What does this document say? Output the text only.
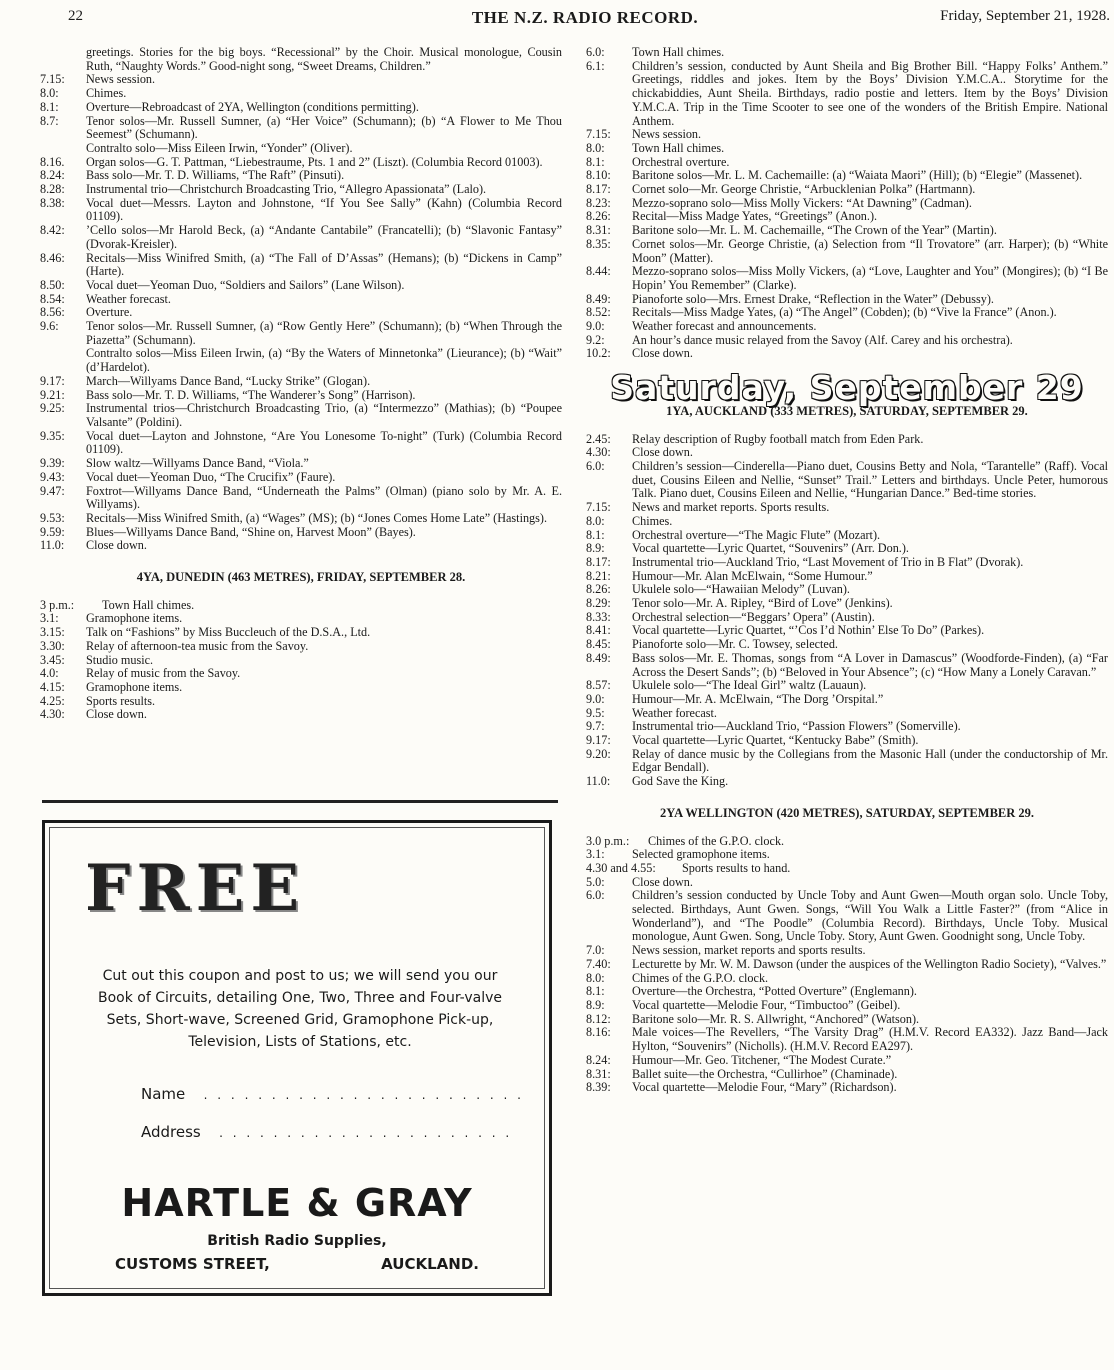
22	THE N.Z. RADIO RECORD.	Friday, September 21, 1928.
greetings. Stories for the big boys. “Recessional” by the Choir. Musical monologue, Cousin Ruth, “Naughty Words.” Good-night song, “Sweet Dreams, Children.”
7.15:	News session.
8.0:	Chimes.
8.1:	Overture—Rebroadcast of 2YA, Wellington (conditions permitting).
8.7:	Tenor solos—Mr. Russell Sumner, (a) “Her Voice” (Schumann); (b) “A Flower to Me Thou Seemest” (Schumann).
Contralto solo—Miss Eileen Irwin, “Yonder” (Oliver).
8.16.	Organ solos—G. T. Pattman, “Liebestraume, Pts. 1 and 2” (Liszt). (Columbia Record 01003).
8.24:	Bass solo—Mr. T. D. Williams, “The Raft” (Pinsuti).
8.28:	Instrumental trio—Christchurch Broadcasting Trio, “Allegro Apassionata” (Lalo).
8.38:	Vocal duet—Messrs. Layton and Johnstone, “If You See Sally” (Kahn) (Columbia Record 01109).
8.42:	’Cello solos—Mr Harold Beck, (a) “Andante Cantabile” (Francatelli); (b) “Slavonic Fantasy” (Dvorak-Kreisler).
8.46:	Recitals—Miss Winifred Smith, (a) “The Fall of D’Assas” (Hemans); (b) “Dickens in Camp” (Harte).
8.50:	Vocal duet—Yeoman Duo, “Soldiers and Sailors” (Lane Wilson).
8.54:	Weather forecast.
8.56:	Overture.
9.6:	Tenor solos—Mr. Russell Sumner, (a) “Row Gently Here” (Schumann); (b) “When Through the Piazetta” (Schumann).
Contralto solos—Miss Eileen Irwin, (a) “By the Waters of Minnetonka” (Lieurance); (b) “Wait” (d’Hardelot).
9.17:	March—Willyams Dance Band, “Lucky Strike” (Glogan).
9.21:	Bass solo—Mr. T. D. Williams, “The Wanderer’s Song” (Harrison).
9.25:	Instrumental trios—Christchurch Broadcasting Trio, (a) “Intermezzo” (Mathias); (b) “Poupee Valsante” (Poldini).
9.35:	Vocal duet—Layton and Johnstone, “Are You Lonesome To-night” (Turk) (Columbia Record 01109).
9.39:	Slow waltz—Willyams Dance Band, “Viola.”
9.43:	Vocal duet—Yeoman Duo, “The Crucifix” (Faure).
9.47:	Foxtrot—Willyams Dance Band, “Underneath the Palms” (Olman) (piano solo by Mr. A. E. Willyams).
9.53:	Recitals—Miss Winifred Smith, (a) “Wages” (MS); (b) “Jones Comes Home Late” (Hastings).
9.59:	Blues—Willyams Dance Band, “Shine on, Harvest Moon” (Bayes).
11.0:	Close down.
4YA, DUNEDIN (463 METRES), FRIDAY, SEPTEMBER 28.
3 p.m.:	Town Hall chimes.
3.1:	Gramophone items.
3.15:	Talk on “Fashions” by Miss Buccleuch of the D.S.A., Ltd.
3.30:	Relay of afternoon-tea music from the Savoy.
3.45:	Studio music.
4.0:	Relay of music from the Savoy.
4.15:	Gramophone items.
4.25:	Sports results.
4.30:	Close down.
FREE
Cut out this coupon and post to us; we will send you our Book of Circuits, detailing One, Two, Three and Four-valve Sets, Short-wave, Screened Grid, Gramophone Pick-up, Television, Lists of Stations, etc.
Name   . . . . . . . . . . . . . . . . . . . . . . . .
Address   . . . . . . . . . . . . . . . . . . . . . .
HARTLE & GRAY
British Radio Supplies,
CUSTOMS STREET,	AUCKLAND.
6.0:	Town Hall chimes.
6.1:	Children’s session, conducted by Aunt Sheila and Big Brother Bill. “Happy Folks’ Anthem.” Greetings, riddles and jokes. Item by the Boys’ Division Y.M.C.A.. Storytime for the chickabiddies, Aunt Sheila. Birthdays, radio postie and letters. Item by the Boys’ Division Y.M.C.A. Trip in the Time Scooter to see one of the wonders of the British Empire. National Anthem.
7.15:	News session.
8.0:	Town Hall chimes.
8.1:	Orchestral overture.
8.10:	Baritone solos—Mr. L. M. Cachemaille: (a) “Waiata Maori” (Hill); (b) “Elegie” (Massenet).
8.17:	Cornet solo—Mr. George Christie, “Arbucklenian Polka” (Hartmann).
8.23:	Mezzo-soprano solo—Miss Molly Vickers: “At Dawning” (Cadman).
8.26:	Recital—Miss Madge Yates, “Greetings” (Anon.).
8.31:	Baritone solo—Mr. L. M. Cachemaille, “The Crown of the Year” (Martin).
8.35:	Cornet solos—Mr. George Christie, (a) Selection from “Il Trovatore” (arr. Harper); (b) “White Moon” (Matter).
8.44:	Mezzo-soprano solos—Miss Molly Vickers, (a) “Love, Laughter and You” (Mongires); (b) “I Be Hopin’ You Remember” (Clarke).
8.49:	Pianoforte solo—Mrs. Ernest Drake, “Reflection in the Water” (Debussy).
8.52:	Recitals—Miss Madge Yates, (a) “The Angel” (Cobden); (b) “Vive la France” (Anon.).
9.0:	Weather forecast and announcements.
9.2:	An hour’s dance music relayed from the Savoy (Alf. Carey and his orchestra).
10.2:	Close down.
Saturday, September 29
1YA, AUCKLAND (333 METRES), SATURDAY, SEPTEMBER 29.
2.45:	Relay description of Rugby football match from Eden Park.
4.30:	Close down.
6.0:	Children’s session—Cinderella—Piano duet, Cousins Betty and Nola, “Tarantelle” (Raff). Vocal duet, Cousins Eileen and Nellie, “Sunset” Trail.” Letters and birthdays. Uncle Peter, humorous Talk. Piano duet, Cousins Eileen and Nellie, “Hungarian Dance.” Bed-time stories.
7.15:	News and market reports. Sports results.
8.0:	Chimes.
8.1:	Orchestral overture—“The Magic Flute” (Mozart).
8.9:	Vocal quartette—Lyric Quartet, “Souvenirs” (Arr. Don.).
8.17:	Instrumental trio—Auckland Trio, “Last Movement of Trio in B Flat” (Dvorak).
8.21:	Humour—Mr. Alan McElwain, “Some Humour.”
8.26:	Ukulele solo—“Hawaiian Melody” (Luvan).
8.29:	Tenor solo—Mr. A. Ripley, “Bird of Love” (Jenkins).
8.33:	Orchestral selection—“Beggars’ Opera” (Austin).
8.41:	Vocal quartette—Lyric Quartet, “’Cos I’d Nothin’ Else To Do” (Parkes).
8.45:	Pianoforte solo—Mr. C. Towsey, selected.
8.49:	Bass solos—Mr. E. Thomas, songs from “A Lover in Damascus” (Woodforde-Finden), (a) “Far Across the Desert Sands”; (b) “Beloved in Your Absence”; (c) “How Many a Lonely Caravan.”
8.57:	Ukulele solo—“The Ideal Girl” waltz (Lauaun).
9.0:	Humour—Mr. A. McElwain, “The Dorg ’Orspital.”
9.5:	Weather forecast.
9.7:	Instrumental trio—Auckland Trio, “Passion Flowers” (Somerville).
9.17:	Vocal quartette—Lyric Quartet, “Kentucky Babe” (Smith).
9.20:	Relay of dance music by the Collegians from the Masonic Hall (under the conductorship of Mr. Edgar Bendall).
11.0:	God Save the King.
2YA WELLINGTON (420 METRES), SATURDAY, SEPTEMBER 29.
3.0 p.m.:	Chimes of the G.P.O. clock.
3.1:	Selected gramophone items.
4.30 and 4.55:	Sports results to hand.
5.0:	Close down.
6.0:	Children’s session conducted by Uncle Toby and Aunt Gwen—Mouth organ solo. Uncle Toby, selected. Birthdays, Aunt Gwen. Songs, “Will You Walk a Little Faster?” (from “Alice in Wonderland”), and “The Poodle” (Columbia Record). Birthdays, Uncle Toby. Musical monologue, Aunt Gwen. Song, Uncle Toby. Story, Aunt Gwen. Goodnight song, Uncle Toby.
7.0:	News session, market reports and sports results.
7.40:	Lecturette by Mr. W. M. Dawson (under the auspices of the Wellington Radio Society), “Valves.”
8.0:	Chimes of the G.P.O. clock.
8.1:	Overture—the Orchestra, “Potted Overture” (Englemann).
8.9:	Vocal quartette—Melodie Four, “Timbuctoo” (Geibel).
8.12:	Baritone solo—Mr. R. S. Allwright, “Anchored” (Watson).
8.16:	Male voices—The Revellers, “The Varsity Drag” (H.M.V. Record EA332). Jazz Band—Jack Hylton, “Souvenirs” (Nicholls). (H.M.V. Record EA297).
8.24:	Humour—Mr. Geo. Titchener, “The Modest Curate.”
8.31:	Ballet suite—the Orchestra, “Cullirhoe” (Chaminade).
8.39:	Vocal quartette—Melodie Four, “Mary” (Richardson).
